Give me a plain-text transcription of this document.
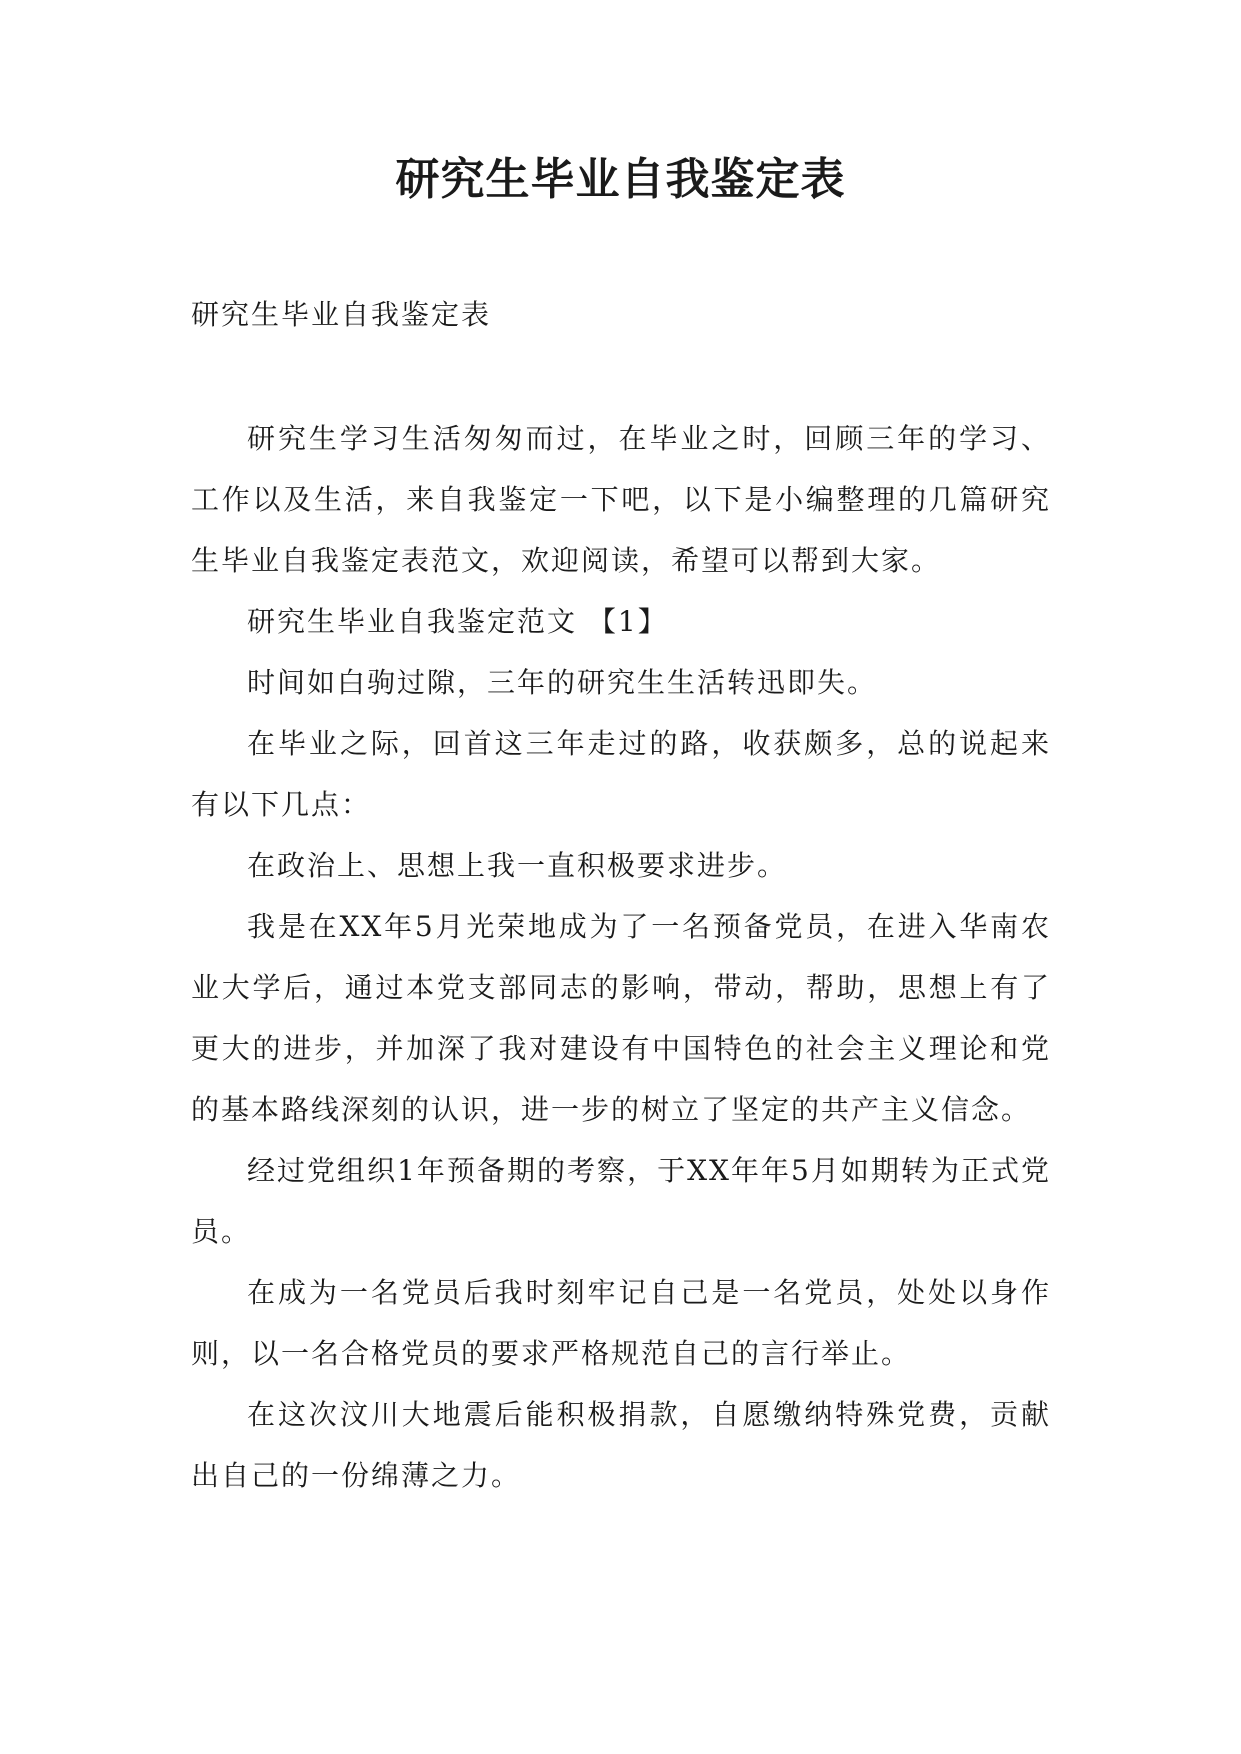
研究生毕业自我鉴定表
研究生毕业自我鉴定表

研究生学习生活匆匆而过，在毕业之时，回顾三年的学习、工作以及生活，来自我鉴定一下吧，以下是小编整理的几篇研究生毕业自我鉴定表范文，欢迎阅读，希望可以帮到大家。

研究生毕业自我鉴定范文 【1】

时间如白驹过隙，三年的研究生生活转迅即失。

在毕业之际，回首这三年走过的路，收获颇多，总的说起来有以下几点：

在政治上、思想上我一直积极要求进步。

我是在XX年5月光荣地成为了一名预备党员，在进入华南农业大学后，通过本党支部同志的影响，带动，帮助，思想上有了更大的进步，并加深了我对建设有中国特色的社会主义理论和党的基本路线深刻的认识，进一步的树立了坚定的共产主义信念。

经过党组织1年预备期的考察，于XX年年5月如期转为正式党员。

在成为一名党员后我时刻牢记自己是一名党员，处处以身作则，以一名合格党员的要求严格规范自己的言行举止。

在这次汶川大地震后能积极捐款，自愿缴纳特殊党费，贡献出自己的一份绵薄之力。
